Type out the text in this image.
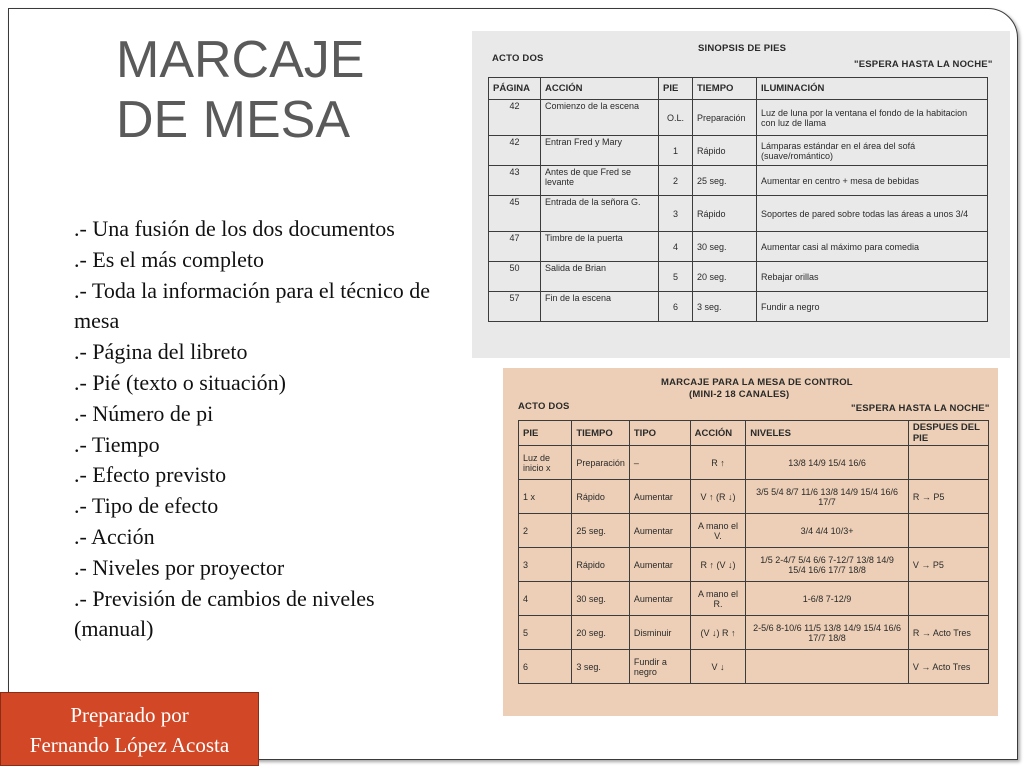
MARCAJE
DE MESA
.- Una fusión de los dos documentos
.- Es el más completo
.- Toda la información para el técnico de mesa
.- Página del libreto
.- Pié (texto o situación)
.- Número de pi
.- Tiempo
.- Efecto previsto
.- Tipo de efecto
.- Acción
.- Niveles por proyector
.- Previsión de cambios de niveles (manual)
Preparado por
Fernando López Acosta
ACTO DOS
SINOPSIS DE PIES
"ESPERA HASTA LA NOCHE"
PÁGINA	ACCIÓN	PIE	TIEMPO	ILUMINACIÓN
42	Comienzo de la escena	O.L.	Preparación	Luz de luna por la ventana el fondo de la habitacion con luz de llama
42	Entran Fred y Mary	1	Rápido	Lámparas estándar en el área del sofá (suave/romántico)
43	Antes de que Fred se levante	2	25 seg.	Aumentar en centro + mesa de bebidas
45	Entrada de la señora G.	3	Rápido	Soportes de pared sobre todas las áreas a unos 3/4
47	Timbre de la puerta	4	30 seg.	Aumentar casi al máximo para comedia
50	Salida de Brian	5	20 seg.	Rebajar orillas
57	Fin de la escena	6	3 seg.	Fundir a negro
MARCAJE PARA LA MESA DE CONTROL
(MINI-2 18 CANALES)
ACTO DOS	"ESPERA HASTA LA NOCHE"
PIE	TIEMPO	TIPO	ACCIÓN	NIVELES	DESPUES DEL PIE
Luz de inicio x	Preparación	–	R ↑	13/8 14/9 15/4 16/6	
1 x	Rápido	Aumentar	V ↑ (R ↓)	3/5 5/4 8/7 11/6 13/8 14/9 15/4 16/6 17/7	R → P5
2	25 seg.	Aumentar	A mano el V.	3/4 4/4 10/3+	
3	Rápido	Aumentar	R ↑ (V ↓)	1/5 2-4/7 5/4 6/6 7-12/7 13/8 14/9 15/4 16/6 17/7 18/8	V → P5
4	30 seg.	Aumentar	A mano el R.	1-6/8 7-12/9	
5	20 seg.	Disminuir	(V ↓) R ↑	2-5/6 8-10/6 11/5 13/8 14/9 15/4 16/6 17/7 18/8	R → Acto Tres
6	3 seg.	Fundir a negro	V ↓		V → Acto Tres
